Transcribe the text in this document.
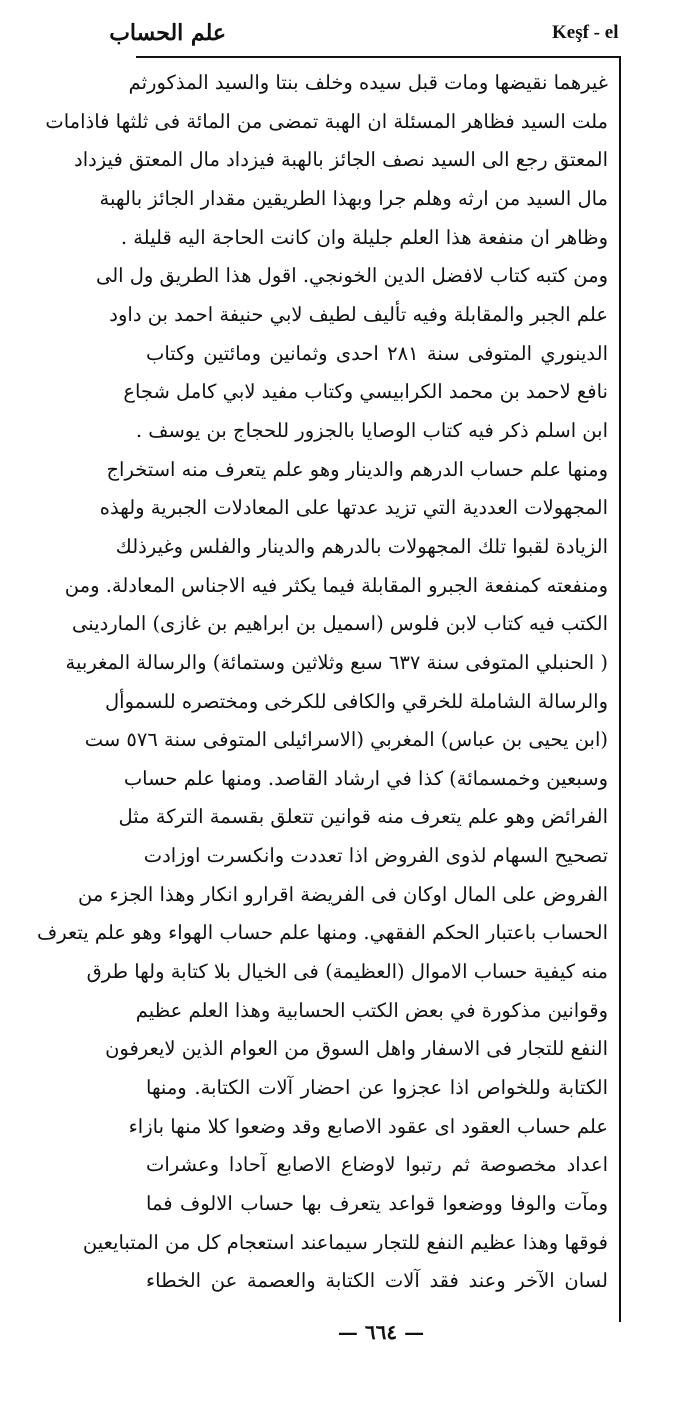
علم الحساب	Keşf - el
غيرهما نقيضها ومات قبل سيده وخلف بنتا والسيد المذكورثم
ملت السيد فظاهر المسئلة ان الهبة تمضى من المائة فى ثلثها فاذامات
المعتق رجع الى السيد نصف الجائز بالهبة فيزداد مال المعتق فيزداد
مال السيد من ارثه وهلم جرا وبهذا الطريقين مقدار الجائز بالهبة
وظاهر ان منفعة هذا العلم جليلة وان كانت الحاجة اليه قليلة .
ومن كتبه كتاب لافضل الدين الخونجي. اقول هذا الطريق ول الى
علم الجبر والمقابلة وفيه تأليف لطيف لابي حنيفة احمد بن داود
الدينوري المتوفى سنة ٢٨١ احدى وثمانين ومائتين وكتاب
نافع لاحمد بن محمد الكرابيسي وكتاب مفيد لابي كامل شجاع
ابن اسلم ذكر فيه كتاب الوصايا بالجزور للحجاج بن يوسف .
ومنها علم حساب الدرهم والدينار وهو علم يتعرف منه استخراج
المجهولات العددية التي تزيد عدتها على المعادلات الجبرية ولهذه
الزيادة لقبوا تلك المجهولات بالدرهم والدينار والفلس وغيرذلك
ومنفعته كمنفعة الجبرو المقابلة فيما يكثر فيه الاجناس المعادلة. ومن
الكتب فيه كتاب لابن فلوس (اسميل بن ابراهيم بن غازى) الماردينى
( الحنبلي المتوفى سنة ٦٣٧ سبع وثلاثين وستمائة) والرسالة المغربية
والرسالة الشاملة للخرقي والكافى للكرخى ومختصره للسموأل
(ابن يحيى بن عباس) المغربي (الاسرائيلى المتوفى سنة ٥٧٦ ست
وسبعين وخمسمائة) كذا في ارشاد القاصد. ومنها علم حساب
الفرائض وهو علم يتعرف منه قوانين تتعلق بقسمة التركة مثل
تصحيح السهام لذوى الفروض اذا تعددت وانكسرت اوزادت
الفروض على المال اوكان فى الفريضة اقرارو انكار وهذا الجزء من
الحساب باعتبار الحكم الفقهي. ومنها علم حساب الهواء وهو علم يتعرف
منه كيفية حساب الاموال (العظيمة) فى الخيال بلا كتابة ولها طرق
وقوانين مذكورة في بعض الكتب الحسابية وهذا العلم عظيم
النفع للتجار فى الاسفار واهل السوق من العوام الذين لايعرفون
الكتابة وللخواص اذا عجزوا عن احضار آلات الكتابة. ومنها
علم حساب العقود اى عقود الاصابع وقد وضعوا كلا منها بازاء
اعداد مخصوصة ثم رتبوا لاوضاع الاصابع آحادا وعشرات
ومآت والوفا ووضعوا قواعد يتعرف بها حساب الالوف فما
فوقها وهذا عظيم النفع للتجار سيماعند استعجام كل من المتبايعين
لسان الآخر وعند فقد آلات الكتابة والعصمة عن الخطاء
— ٦٦٤ —
